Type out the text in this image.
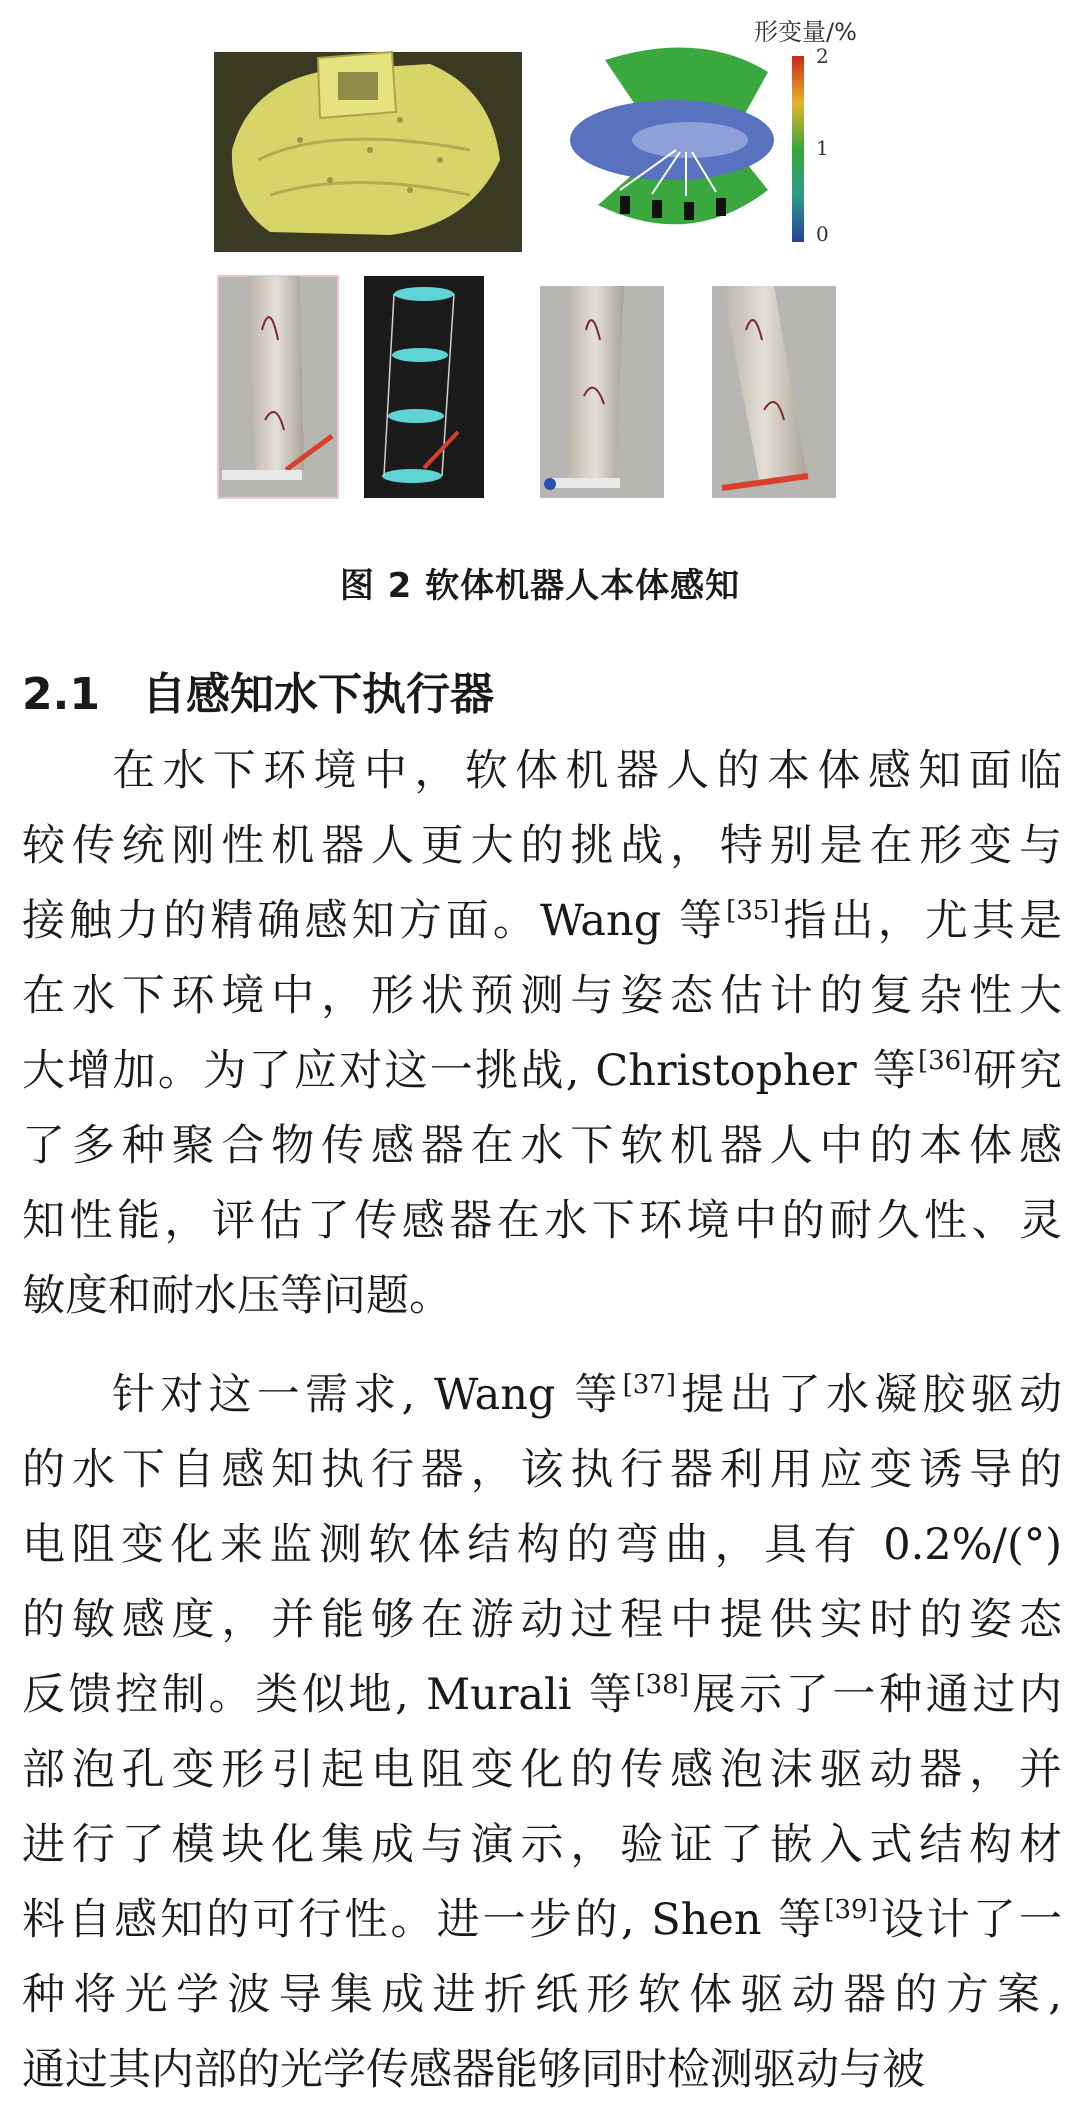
形变量/%
2
1
0
图 2 软体机器人本体感知
2.1 自感知水下执行器
在水下环境中，软体机器人的本体感知面临
较传统刚性机器人更大的挑战，特别是在形变与
接触力的精确感知方面。Wang 等[35]指出，尤其是
在水下环境中，形状预测与姿态估计的复杂性大
大增加。为了应对这一挑战, Christopher 等[36]研究
了多种聚合物传感器在水下软机器人中的本体感
知性能，评估了传感器在水下环境中的耐久性、灵
敏度和耐水压等问题。
针对这一需求, Wang 等[37]提出了水凝胶驱动
的水下自感知执行器，该执行器利用应变诱导的
电阻变化来监测软体结构的弯曲，具有 0.2%/(°)
的敏感度，并能够在游动过程中提供实时的姿态
反馈控制。类似地, Murali 等[38]展示了一种通过内
部泡孔变形引起电阻变化的传感泡沫驱动器，并
进行了模块化集成与演示，验证了嵌入式结构材
料自感知的可行性。进一步的, Shen 等[39]设计了一
种将光学波导集成进折纸形软体驱动器的方案,
通过其内部的光学传感器能够同时检测驱动与被
